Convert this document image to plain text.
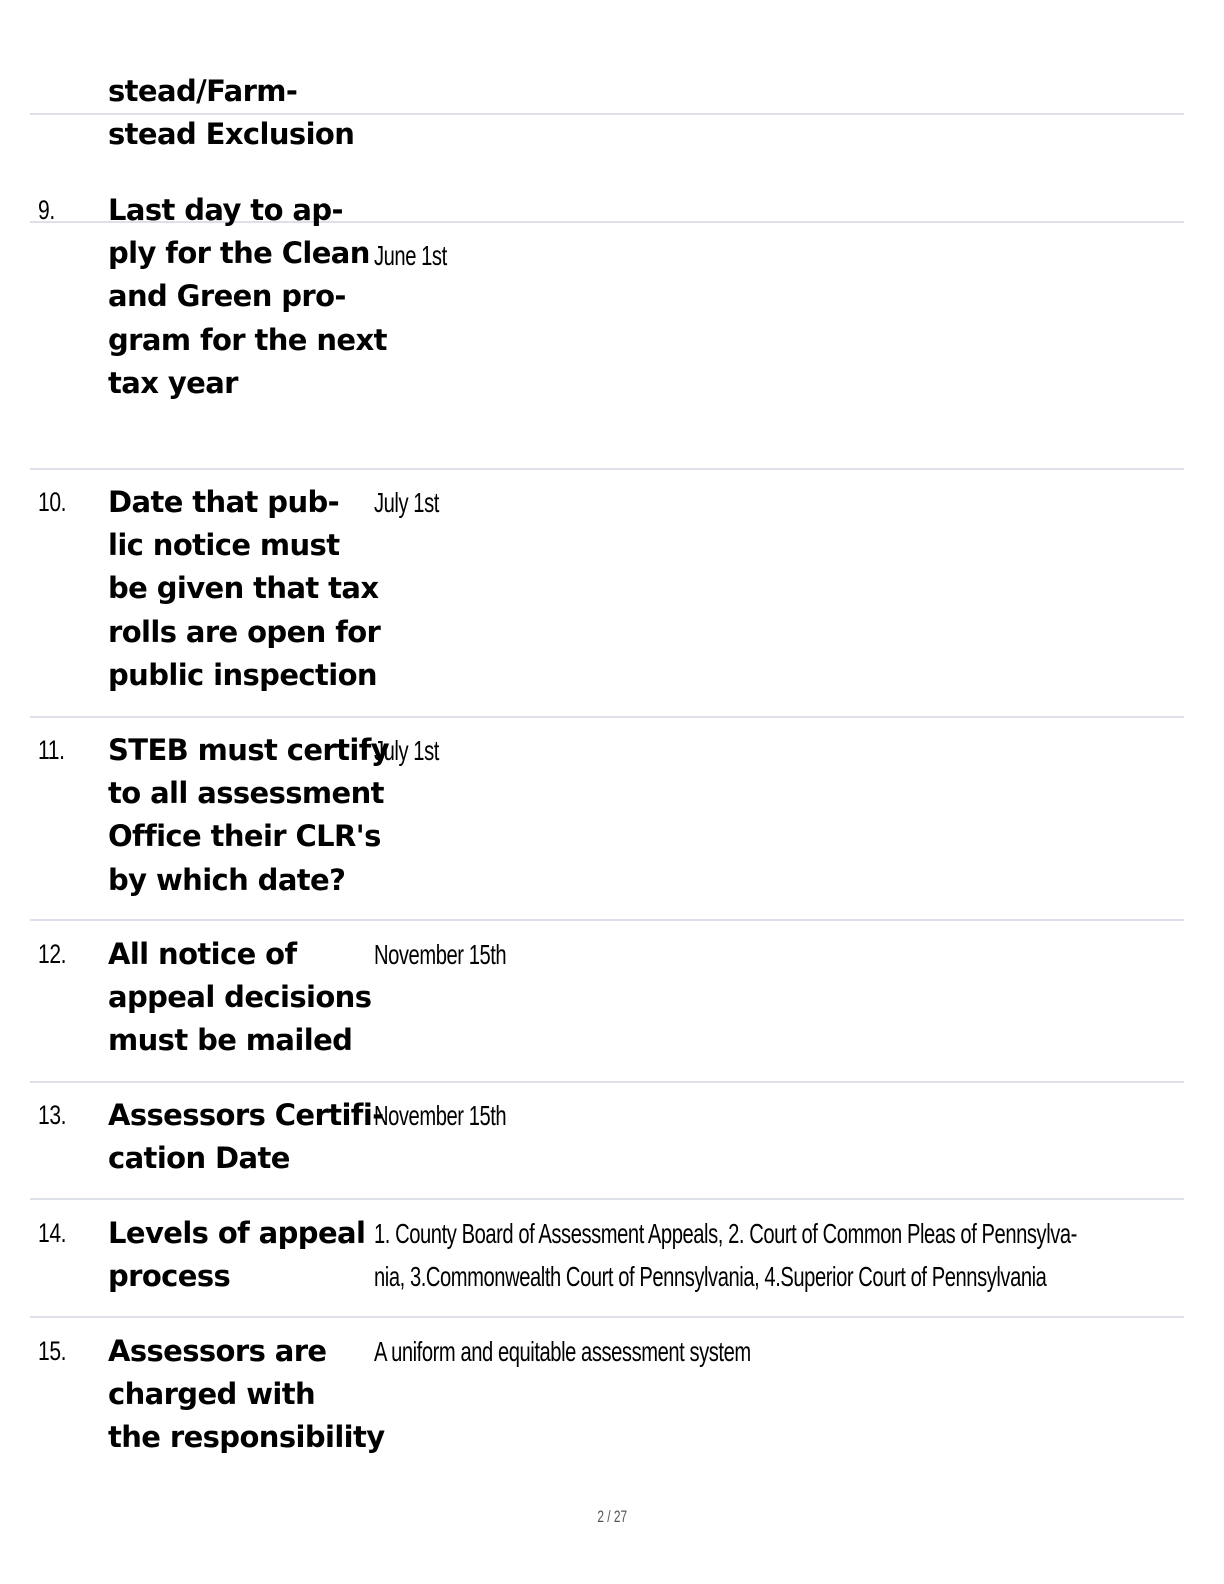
stead/Farm-
stead Exclusion
9. Last day to ap-
ply for the Clean
and Green pro-
gram for the next
tax year
June 1st
10. Date that pub-
lic notice must
be given that tax
rolls are open for
public inspection
July 1st
11. STEB must certify
to all assessment
Office their CLR's
by which date?
July 1st
12. All notice of
appeal decisions
must be mailed
November 15th
13. Assessors Certifi-
cation Date
November 15th
14. Levels of appeal
process
1. County Board of Assessment Appeals, 2. Court of Common Pleas of Pennsylva-
nia, 3.Commonwealth Court of Pennsylvania, 4.Superior Court of Pennsylvania
15. Assessors are
charged with
the responsibility
A uniform and equitable assessment system
2 / 27
